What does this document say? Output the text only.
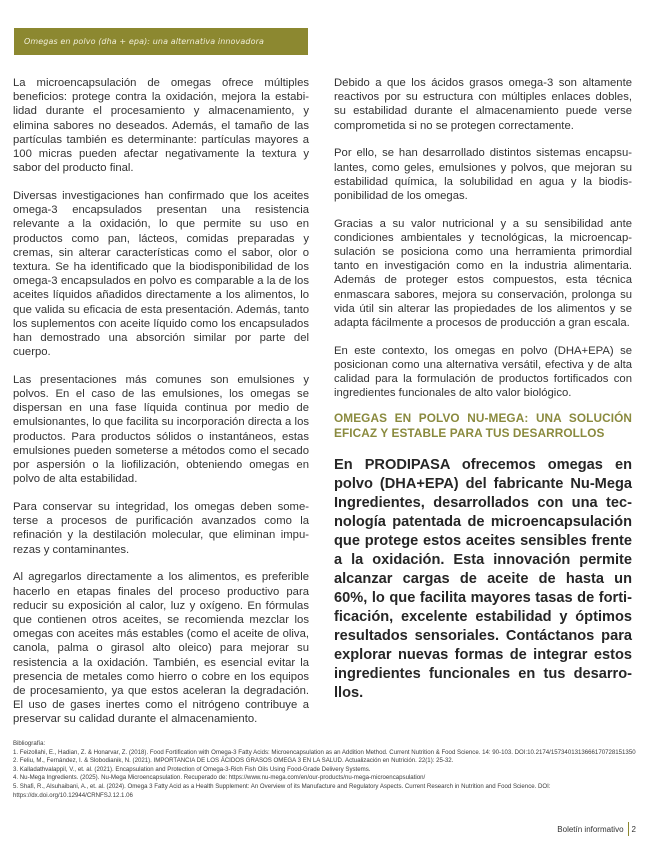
Omegas en polvo (dha + epa): una alternativa innovadora

La microencapsulación de omegas ofrece múltiples beneficios: protege contra la oxidación, mejora la estabilidad durante el procesamiento y almacenamiento, y elimina sabores no deseados. Además, el tamaño de las partículas también es determinante: partículas mayores a 100 micras pueden afectar negativamente la textura y sabor del producto final.

Diversas investigaciones han confirmado que los aceites omega-3 encapsulados presentan una resistencia relevante a la oxidación, lo que permite su uso en productos como pan, lácteos, comidas preparadas y cremas, sin alterar características como el sabor, olor o textura. Se ha identificado que la biodisponibilidad de los omega-3 encapsulados en polvo es comparable a la de los aceites líquidos añadidos directamente a los alimentos, lo que valida su eficacia de esta presentación. Además, tanto los suplementos con aceite líquido como los encapsulados han demostrado una absorción similar por parte del cuerpo.

Las presentaciones más comunes son emulsiones y polvos. En el caso de las emulsiones, los omegas se dispersan en una fase líquida continua por medio de emulsionantes, lo que facilita su incorporación directa a los productos. Para productos sólidos o instantáneos, estas emulsiones pueden someterse a métodos como el secado por aspersión o la liofilización, obteniendo omegas en polvo de alta estabilidad.

Para conservar su integridad, los omegas deben someterse a procesos de purificación avanzados como la refinación y la destilación molecular, que eliminan impurezas y contaminantes.

Al agregarlos directamente a los alimentos, es preferible hacerlo en etapas finales del proceso productivo para reducir su exposición al calor, luz y oxígeno. En fórmulas que contienen otros aceites, se recomienda mezclar los omegas con aceites más estables (como el aceite de oliva, canola, palma o girasol alto oleico) para mejorar su resistencia a la oxidación. También, es esencial evitar la presencia de metales como hierro o cobre en los equipos de procesamiento, ya que estos aceleran la degradación. El uso de gases inertes como el nitrógeno contribuye a preservar su calidad durante el almacenamiento.

Debido a que los ácidos grasos omega-3 son altamente reactivos por su estructura con múltiples enlaces dobles, su estabilidad durante el almacenamiento puede verse comprometida si no se protegen correctamente.

Por ello, se han desarrollado distintos sistemas encapsulantes, como geles, emulsiones y polvos, que mejoran su estabilidad química, la solubilidad en agua y la biodisponibilidad de los omegas.

Gracias a su valor nutricional y a su sensibilidad ante condiciones ambientales y tecnológicas, la microencapsulación se posiciona como una herramienta primordial tanto en investigación como en la industria alimentaria. Además de proteger estos compuestos, esta técnica enmascara sabores, mejora su conservación, prolonga su vida útil sin alterar las propiedades de los alimentos y se adapta fácilmente a procesos de producción a gran escala.

En este contexto, los omegas en polvo (DHA+EPA) se posicionan como una alternativa versátil, efectiva y de alta calidad para la formulación de productos fortificados con ingredientes funcionales de alto valor biológico.

OMEGAS EN POLVO NU-MEGA: UNA SOLUCIÓN EFICAZ Y ESTABLE PARA TUS DESARROLLOS

En PRODIPASA ofrecemos omegas en polvo (DHA+EPA) del fabricante Nu-Mega Ingredientes, desarrollados con una tecnología patentada de microencapsulación que protege estos aceites sensibles frente a la oxidación. Esta innovación permite alcanzar cargas de aceite de hasta un 60%, lo que facilita mayores tasas de fortificación, excelente estabilidad y óptimos resultados sensoriales. Contáctanos para explorar nuevas formas de integrar estos ingredientes funcionales en tus desarrollos.

Bibliografía:

1. Feizollahi, E., Hadian, Z. & Honarvar, Z. (2018). Food Fortification with Omega-3 Fatty Acids: Microencapsulation as an Addition Method. Current Nutrition & Food Science. 14: 90-103. DOI:10.2174/1573401313666170728151350

2. Feliu, M., Fernández, I. & Slobodianik, N. (2021). IMPORTANCIA DE LOS ÁCIDOS GRASOS OMEGA 3 EN LA SALUD. Actualización en Nutrición. 22(1): 25-32.

3. Kalladathvalappil, V., et. al. (2021). Encapsulation and Protection of Omega-3-Rich Fish Oils Using Food-Grade Delivery Systems.

4. Nu-Mega Ingredients. (2025). Nu-Mega Microencapsulation. Recuperado de: https://www.nu-mega.com/en/our-products/nu-mega-microencapsulation/

5. Shafi, R., Alsuhaibani, A., et. al. (2024). Omega 3 Fatty Acid as a Health Supplement: An Overview of its Manufacture and Regulatory Aspects. Current Research in Nutrition and Food Science. DOI: https://dx.doi.org/10.12944/CRNFSJ.12.1.06

Boletín informativo 2
